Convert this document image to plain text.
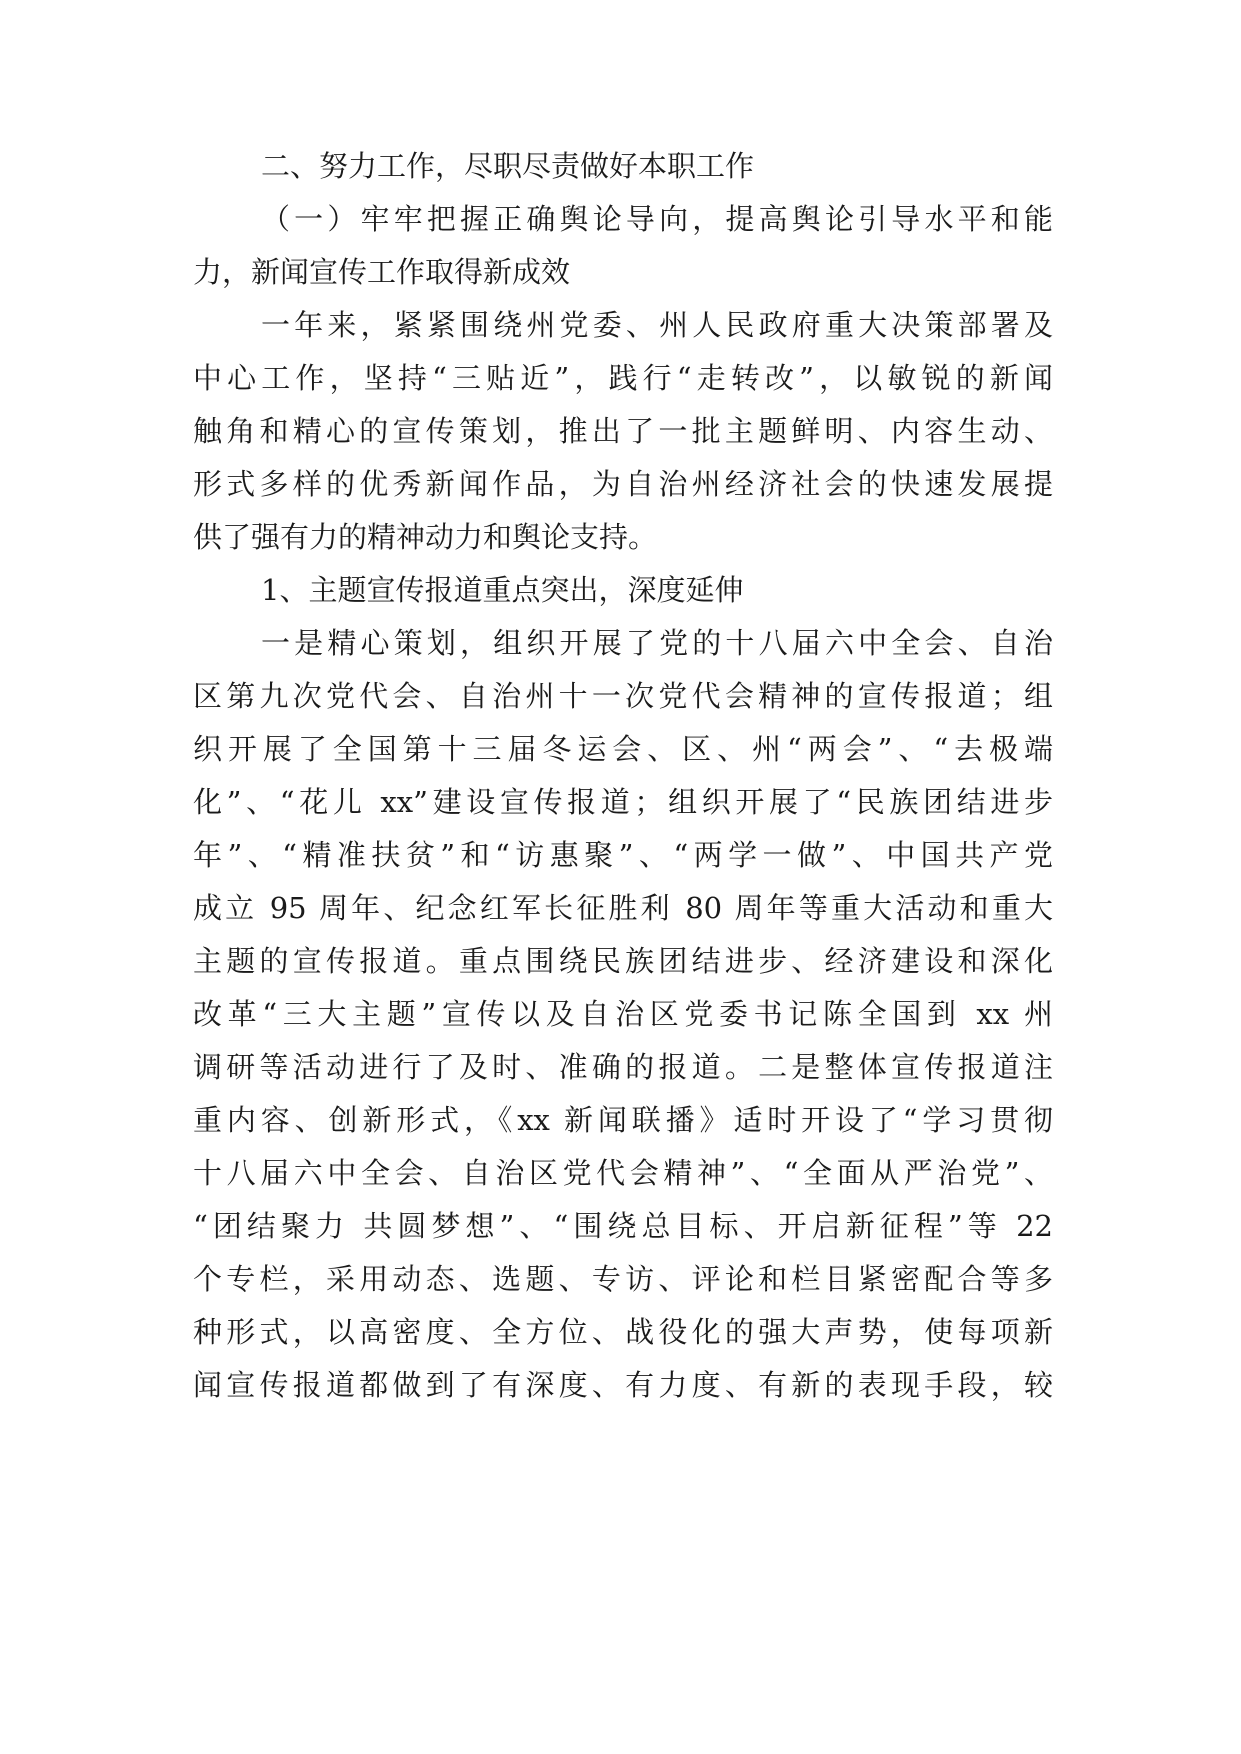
二、努力工作，尽职尽责做好本职工作
（一）牢牢把握正确舆论导向，提高舆论引导水平和能
力，新闻宣传工作取得新成效
一年来，紧紧围绕州党委、州人民政府重大决策部署及
中心工作，坚持“三贴近”，践行“走转改”，以敏锐的新闻
触角和精心的宣传策划，推出了一批主题鲜明、内容生动、
形式多样的优秀新闻作品，为自治州经济社会的快速发展提
供了强有力的精神动力和舆论支持。
1、主题宣传报道重点突出，深度延伸
一是精心策划，组织开展了党的十八届六中全会、自治
区第九次党代会、自治州十一次党代会精神的宣传报道；组
织开展了全国第十三届冬运会、区、州“两会”、“去极端
化”、“花儿 xx”建设宣传报道；组织开展了“民族团结进步
年”、“精准扶贫”和“访惠聚”、“两学一做”、中国共产党
成立 95 周年、纪念红军长征胜利 80 周年等重大活动和重大
主题的宣传报道。重点围绕民族团结进步、经济建设和深化
改革“三大主题”宣传以及自治区党委书记陈全国到 xx 州
调研等活动进行了及时、准确的报道。二是整体宣传报道注
重内容、创新形式，《xx 新闻联播》适时开设了“学习贯彻
十八届六中全会、自治区党代会精神”、“全面从严治党”、
“团结聚力 共圆梦想”、“围绕总目标、开启新征程”等 22
个专栏，采用动态、选题、专访、评论和栏目紧密配合等多
种形式，以高密度、全方位、战役化的强大声势，使每项新
闻宣传报道都做到了有深度、有力度、有新的表现手段，较
